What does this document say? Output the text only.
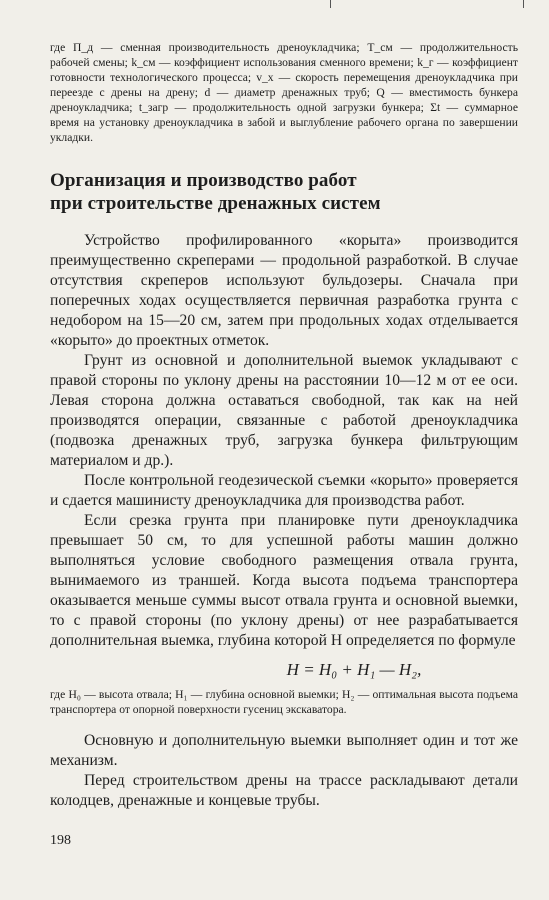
где П_д — сменная производительность дреноукладчика; T_см — продолжительность рабочей смены; k_см — коэффициент использования сменного времени; k_г — коэффициент готовности технологического процесса; v_x — скорость перемещения дреноукладчика при переезде с дрены на дрену; d — диаметр дренажных труб; Q — вместимость бункера дреноукладчика; t_загр — продолжительность одной загрузки бункера; Σt — суммарное время на установку дреноукладчика в забой и выглубление рабочего органа по завершении укладки.

Организация и производство работ
при строительстве дренажных систем

Устройство профилированного «корыта» производится преимущественно скреперами — продольной разработкой. В случае отсутствия скреперов используют бульдозеры. Сначала при поперечных ходах осуществляется первичная разработка грунта с недобором на 15—20 см, затем при продольных ходах отделывается «корыто» до проектных отметок.

Грунт из основной и дополнительной выемок укладывают с правой стороны по уклону дрены на расстоянии 10—12 м от ее оси. Левая сторона должна оставаться свободной, так как на ней производятся операции, связанные с работой дреноукладчика (подвозка дренажных труб, загрузка бункера фильтрующим материалом и др.).

После контрольной геодезической съемки «корыто» проверяется и сдается машинисту дреноукладчика для производства работ.

Если срезка грунта при планировке пути дреноукладчика превышает 50 см, то для успешной работы машин должно выполняться условие свободного размещения отвала грунта, вынимаемого из траншей. Когда высота подъема транспортера оказывается меньше суммы высот отвала грунта и основной выемки, то с правой стороны (по уклону дрены) от нее разрабатывается дополнительная выемка, глубина которой H определяется по формуле

H = H₀ + H₁ — H₂,

где H₀ — высота отвала; H₁ — глубина основной выемки; H₂ — оптимальная высота подъема транспортера от опорной поверхности гусениц экскаватора.

Основную и дополнительную выемки выполняет один и тот же механизм.

Перед строительством дрены на трассе раскладывают детали колодцев, дренажные и концевые трубы.

198
